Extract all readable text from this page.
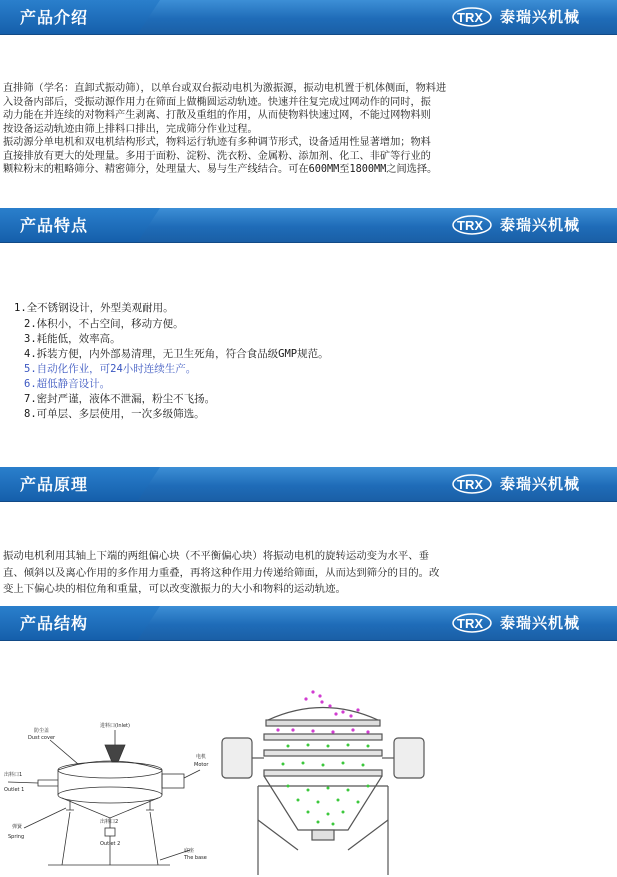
产品介绍	TRX 泰瑞兴机械
直排筛（学名：直卸式振动筛），以单台或双台振动电机为激振源，振动电机置于机体侧面，物料进
入设备内部后，受振动源作用力在筛面上做椭圆运动轨迹。快速并往复完成过网动作的同时，振
动力能在并连续的对物料产生剥离、打散及重组的作用，从而使物料快速过网，不能过网物料则
按设备运动轨迹由筛上排料口排出，完成筛分作业过程。
振动源分单电机和双电机结构形式，物料运行轨迹有多种调节形式，设备适用性显著增加；物料
直接排放有更大的处理量。多用于面粉、淀粉、洗衣粉、金属粉、添加剂、化工、非矿等行业的
颗粒粉末的粗略筛分、精密筛分，处理量大、易与生产线结合。可在600MM至1800MM之间选择。
产品特点	TRX 泰瑞兴机械
1.全不锈钢设计，外型美观耐用。
2.体积小，不占空间，移动方便。
3.耗能低，效率高。
4.拆装方便，内外部易清理，无卫生死角，符合食品级GMP规范。
5.自动化作业，可24小时连续生产。
6.超低静音设计。
7.密封严谨，液体不泄漏，粉尘不飞扬。
8.可单层、多层使用，一次多级筛选。
产品原理	TRX 泰瑞兴机械
振动电机利用其轴上下端的两组偏心块（不平衡偏心块）将振动电机的旋转运动变为水平、垂
直、倾斜以及离心作用的多作用力重叠，再将这种作用力传递给筛面，从而达到筛分的目的。改
变上下偏心块的相位角和重量，可以改变激振力的大小和物料的运动轨迹。
产品结构	TRX 泰瑞兴机械
防尘盖
Dust cover
进料口(Inlet)
电机
Motor
出料口1
Outlet 1
弹簧
Spring
出料口2
Outlet 2
底座
The base
